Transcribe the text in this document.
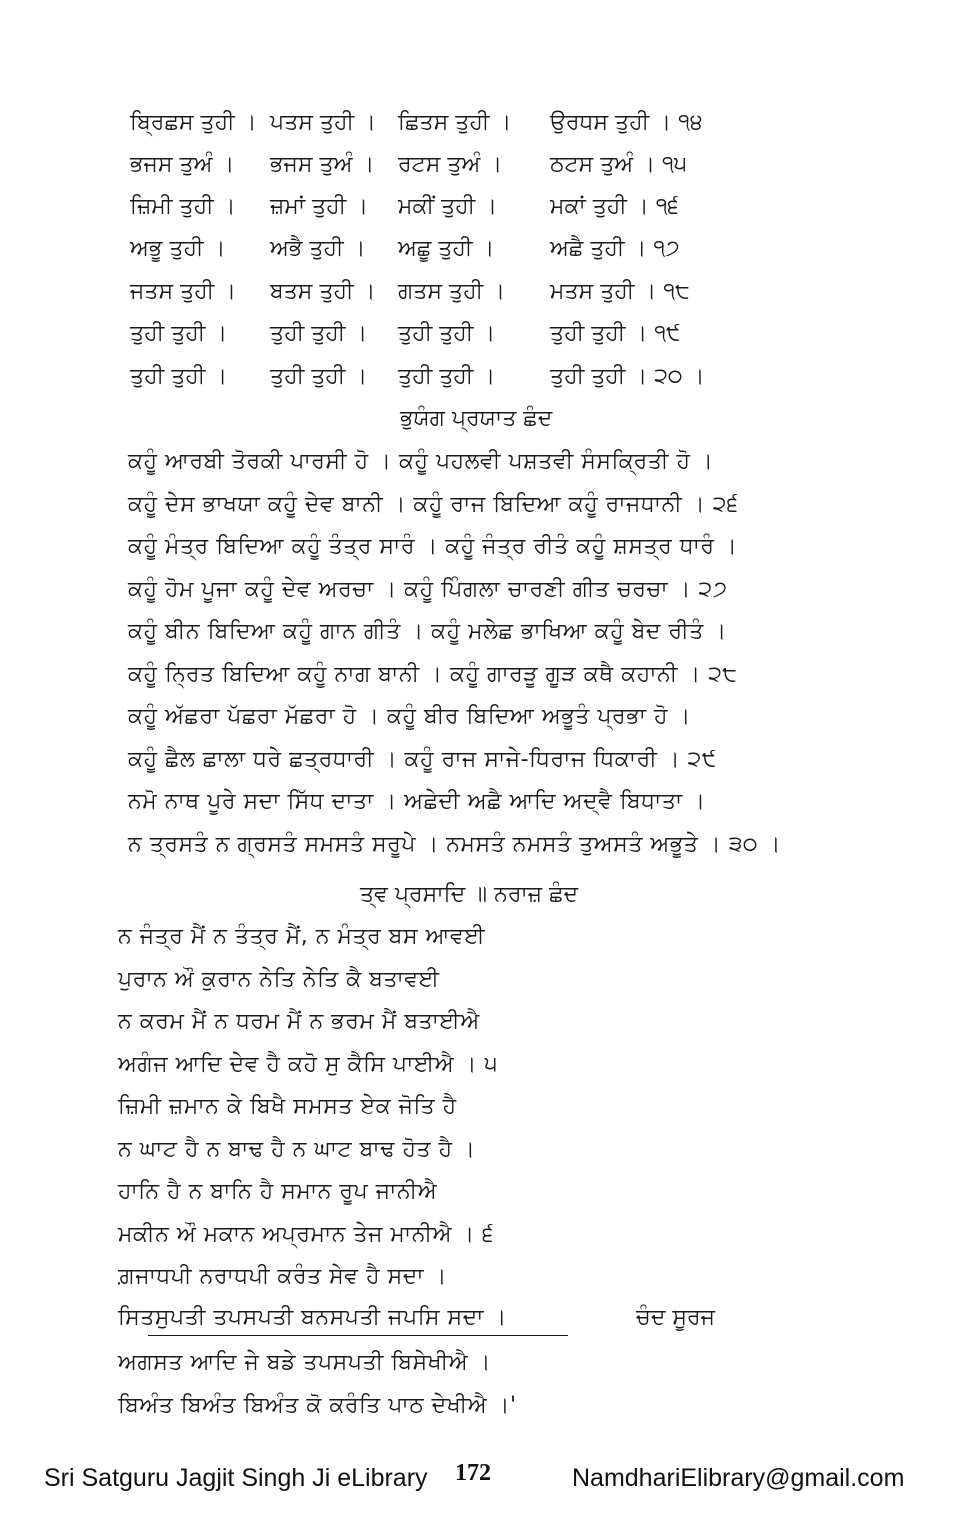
ਬ੍ਰਿਛਸ ਤੁਹੀ । ਪਤਸ ਤੁਹੀ । ਛਿਤਸ ਤੁਹੀ । ਉਰਧਸ ਤੁਹੀ । ੧੪
ਭਜਸ ਤੁਅੰ । ਭਜਸ ਤੁਅੰ । ਰਟਸ ਤੁਅੰ । ਠਟਸ ਤੁਅੰ । ੧੫
ਜ਼ਿਮੀ ਤੁਹੀ । ਜ਼ਮਾਂ ਤੁਹੀ । ਮਕੀਂ ਤੁਹੀ । ਮਕਾਂ ਤੁਹੀ । ੧੬
ਅਭੂ ਤੁਹੀ । ਅਭੈ ਤੁਹੀ । ਅਛੂ ਤੁਹੀ ।	ਅਛੈ ਤੁਹੀ । ੧੭
ਜਤਸ ਤੁਹੀ । ਬਤਸ ਤੁਹੀ । ਗਤਸ ਤੁਹੀ । ਮਤਸ ਤੁਹੀ । ੧੮
ਤੁਹੀ ਤੁਹੀ । ਤੁਹੀ ਤੁਹੀ । ਤੁਹੀ ਤੁਹੀ । ਤੁਹੀ ਤੁਹੀ । ੧੯
ਤੁਹੀ ਤੁਹੀ । ਤੁਹੀ ਤੁਹੀ । ਤੁਹੀ ਤੁਹੀ । ਤੁਹੀ ਤੁਹੀ । ੨੦ ।
ਭੁਯੰਗ ਪ੍ਰਯਾਤ ਛੰਦ
ਕਹੂੰ ਆਰਬੀ ਤੋਰਕੀ ਪਾਰਸੀ ਹੋ । ਕਹੂੰ ਪਹਲਵੀ ਪਸ਼ਤਵੀ ਸੰਸਕ੍ਰਿਤੀ ਹੋ ।
ਕਹੂੰ ਦੇਸ ਭਾਖਯਾ ਕਹੂੰ ਦੇਵ ਬਾਨੀ । ਕਹੂੰ ਰਾਜ ਬਿਦਿਆ ਕਹੂੰ ਰਾਜਧਾਨੀ । ੨੬
ਕਹੂੰ ਮੰਤ੍ਰ ਬਿਦਿਆ ਕਹੂੰ ਤੰਤ੍ਰ ਸਾਰੰ । ਕਹੂੰ ਜੰਤ੍ਰ ਰੀਤੰ ਕਹੂੰ ਸ਼ਸਤ੍ਰ ਧਾਰੰ ।
ਕਹੂੰ ਹੋਮ ਪੂਜਾ ਕਹੂੰ ਦੇਵ ਅਰਚਾ । ਕਹੂੰ ਪਿੰਗਲਾ ਚਾਰਣੀ ਗੀਤ ਚਰਚਾ । ੨੭
ਕਹੂੰ ਬੀਨ ਬਿਦਿਆ ਕਹੂੰ ਗਾਨ ਗੀਤੰ । ਕਹੂੰ ਮਲੇਛ ਭਾਖਿਆ ਕਹੂੰ ਬੇਦ ਰੀਤੰ ।
ਕਹੂੰ ਨ੍ਰਿਤ ਬਿਦਿਆ ਕਹੂੰ ਨਾਗ ਬਾਨੀ । ਕਹੂੰ ਗਾਰੜੂ ਗੂੜ ਕਥੈ ਕਹਾਨੀ । ੨੮
ਕਹੂੰ ਅੱਛਰਾ ਪੱਛਰਾ ਮੱਛਰਾ ਹੋ । ਕਹੂੰ ਬੀਰ ਬਿਦਿਆ ਅਭੂਤੰ ਪ੍ਰਭਾ ਹੋ ।
ਕਹੂੰ ਛੈਲ ਛਾਲਾ ਧਰੇ ਛਤ੍ਰਧਾਰੀ । ਕਹੂੰ ਰਾਜ ਸਾਜੇ-ਧਿਰਾਜ ਧਿਕਾਰੀ । ੨੯
ਨਮੋ ਨਾਥ ਪੂਰੇ ਸਦਾ ਸਿੱਧ ਦਾਤਾ । ਅਛੇਦੀ ਅਛੈ ਆਦਿ ਅਦ੍ਵੈ ਬਿਧਾਤਾ ।
ਨ ਤ੍ਰਸਤੰ ਨ ਗ੍ਰਸਤੰ ਸਮਸਤੰ ਸਰੂਪੇ । ਨਮਸਤੰ ਨਮਸਤੰ ਤੁਅਸਤੰ ਅਭੂਤੇ । ੩੦ ।
ਤ੍ਵ ਪ੍ਰਸਾਦਿ ॥ ਨਰਾਜ਼ ਛੰਦ
ਨ ਜੰਤ੍ਰ ਮੈਂ ਨ ਤੰਤ੍ਰ ਮੈਂ, ਨ ਮੰਤ੍ਰ ਬਸ ਆਵਈ
ਪੁਰਾਨ ਔ ਕੁਰਾਨ ਨੇਤਿ ਨੇਤਿ ਕੈ ਬਤਾਵਈ
ਨ ਕਰਮ ਮੈਂ ਨ ਧਰਮ ਮੈਂ ਨ ਭਰਮ ਮੈਂ ਬਤਾਈਐ
ਅਗੰਜ ਆਦਿ ਦੇਵ ਹੈ ਕਹੋ ਸੁ ਕੈਸਿ ਪਾਈਐ । ੫
ਜ਼ਿਮੀ ਜ਼ਮਾਨ ਕੇ ਬਿਖੈ ਸਮਸਤ ਏਕ ਜੋਤਿ ਹੈ
ਨ ਘਾਟ ਹੈ ਨ ਬਾਢ ਹੈ ਨ ਘਾਟ ਬਾਢ ਹੋਤ ਹੈ ।
ਹਾਨਿ ਹੈ ਨ ਬਾਨਿ ਹੈ ਸਮਾਨ ਰੂਪ ਜਾਨੀਐ
ਮਕੀਨ ਔ ਮਕਾਨ ਅਪ੍ਰਮਾਨ ਤੇਜ ਮਾਨੀਐ । ੬
ਗ਼ਜਾਧਪੀ ਨਰਾਧਪੀ ਕਰੰਤ ਸੇਵ ਹੈ ਸਦਾ ।
ਸਿਤਸੁਪਤੀ ਤਪਸਪਤੀ ਬਨਸਪਤੀ ਜਪਸਿ ਸਦਾ ।	ਚੰਦ ਸੂਰਜ
ਅਗਸਤ ਆਦਿ ਜੇ ਬਡੇ ਤਪਸਪਤੀ ਬਿਸੇਖੀਐ ।
ਬਿਅੰਤ ਬਿਅੰਤ ਬਿਅੰਤ ਕੋ ਕਰੰਤਿ ਪਾਠ ਦੇਖੀਐ ।'
Sri Satguru Jagjit Singh Ji eLibrary 172	NamdhariElibrary@gmail.com
